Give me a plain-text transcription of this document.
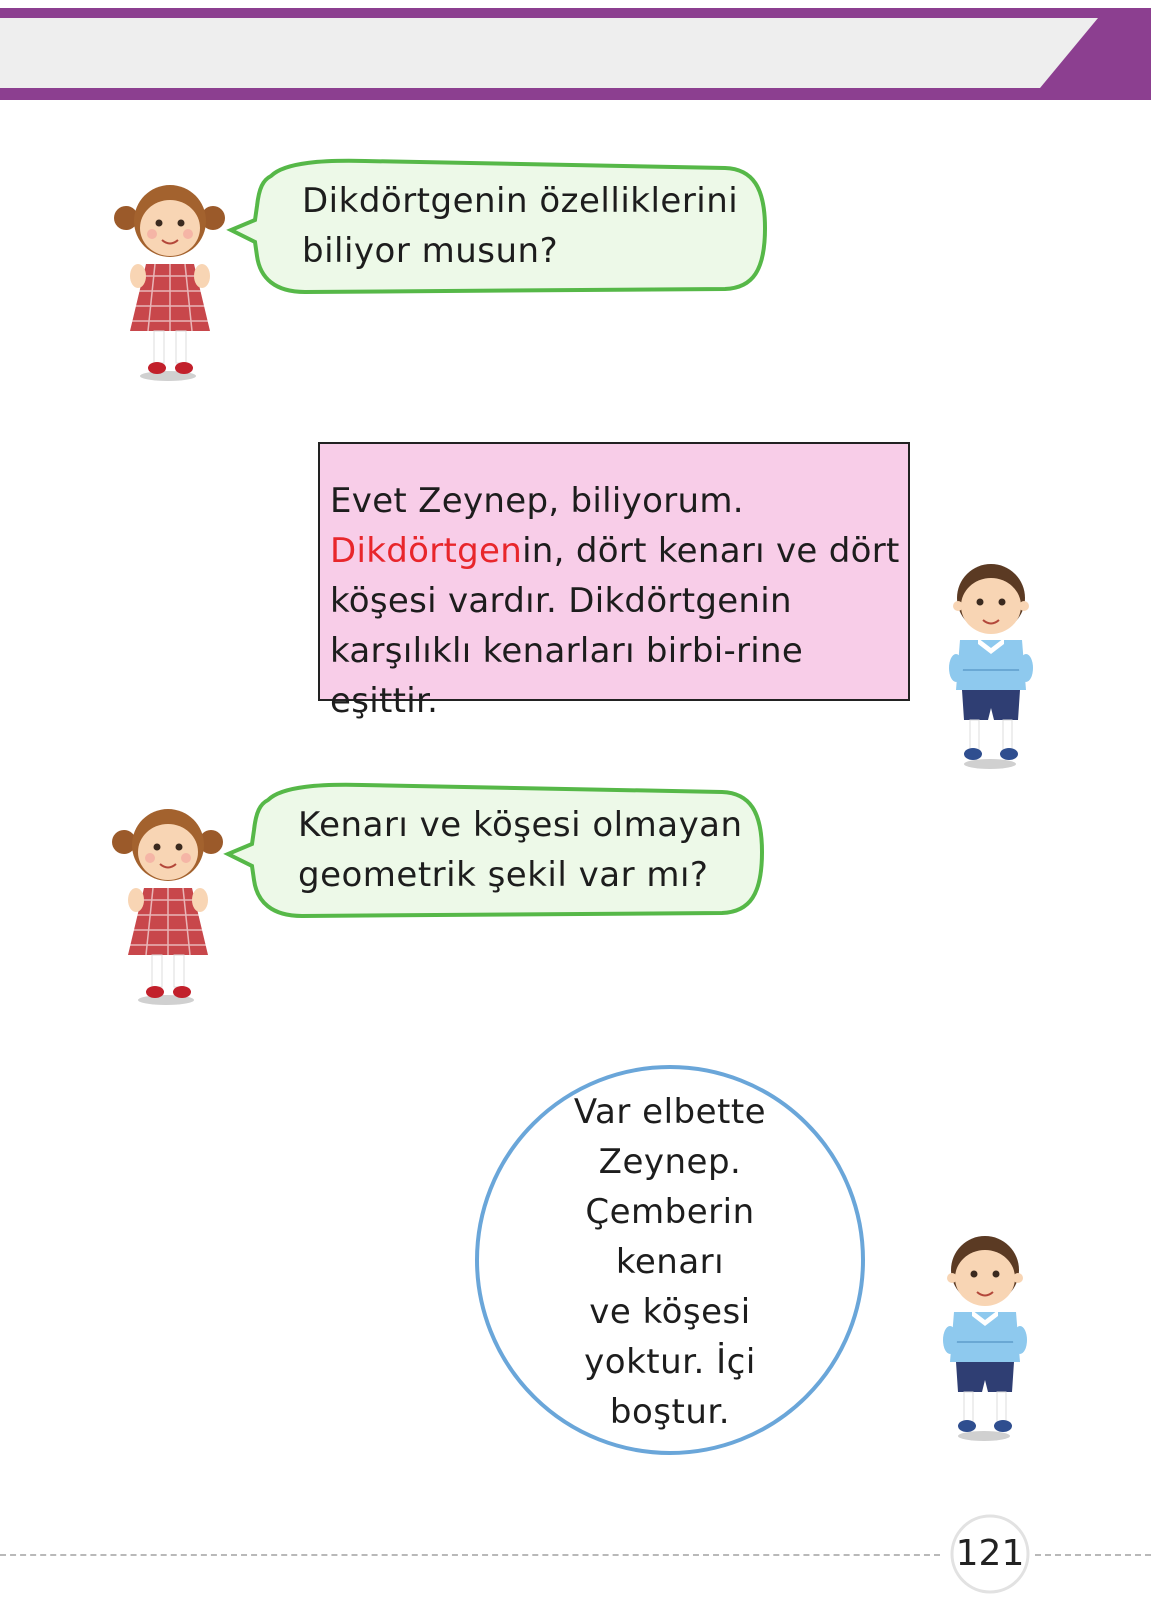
Dikdörtgenin özelliklerini
biliyor musun?
Evet Zeynep, biliyorum. Dikdörtgenin, dört kenarı ve dört köşesi vardır. Dikdörtgenin karşılıklı kenarları birbi-rine eşittir.
Kenarı ve köşesi olmayan
geometrik şekil var mı?
Var elbette
Zeynep.
Çemberin
kenarı
ve köşesi
yoktur. İçi
boştur.
121
